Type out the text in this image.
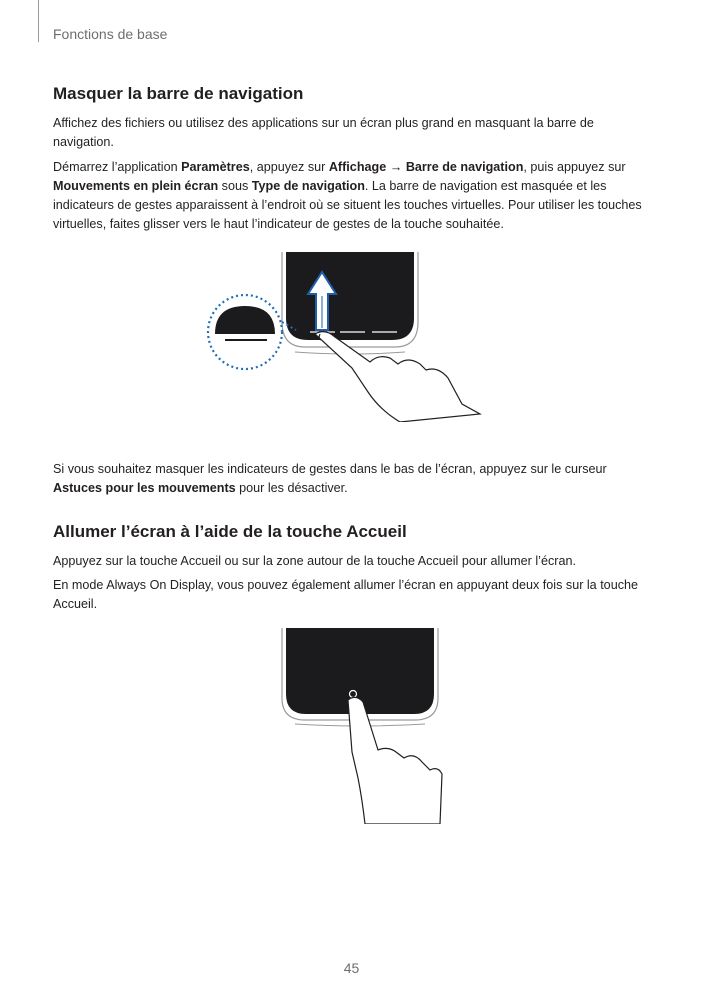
Fonctions de base
Masquer la barre de navigation

Affichez des fichiers ou utilisez des applications sur un écran plus grand en masquant la barre de navigation.

Démarrez l’application Paramètres, appuyez sur Affichage → Barre de navigation, puis appuyez sur Mouvements en plein écran sous Type de navigation. La barre de navigation est masquée et les indicateurs de gestes apparaissent à l’endroit où se situent les touches virtuelles. Pour utiliser les touches virtuelles, faites glisser vers le haut l’indicateur de gestes de la touche souhaitée.

Si vous souhaitez masquer les indicateurs de gestes dans le bas de l’écran, appuyez sur le curseur Astuces pour les mouvements pour les désactiver.

Allumer l’écran à l’aide de la touche Accueil

Appuyez sur la touche Accueil ou sur la zone autour de la touche Accueil pour allumer l’écran.

En mode Always On Display, vous pouvez également allumer l’écran en appuyant deux fois sur la touche Accueil.

45
